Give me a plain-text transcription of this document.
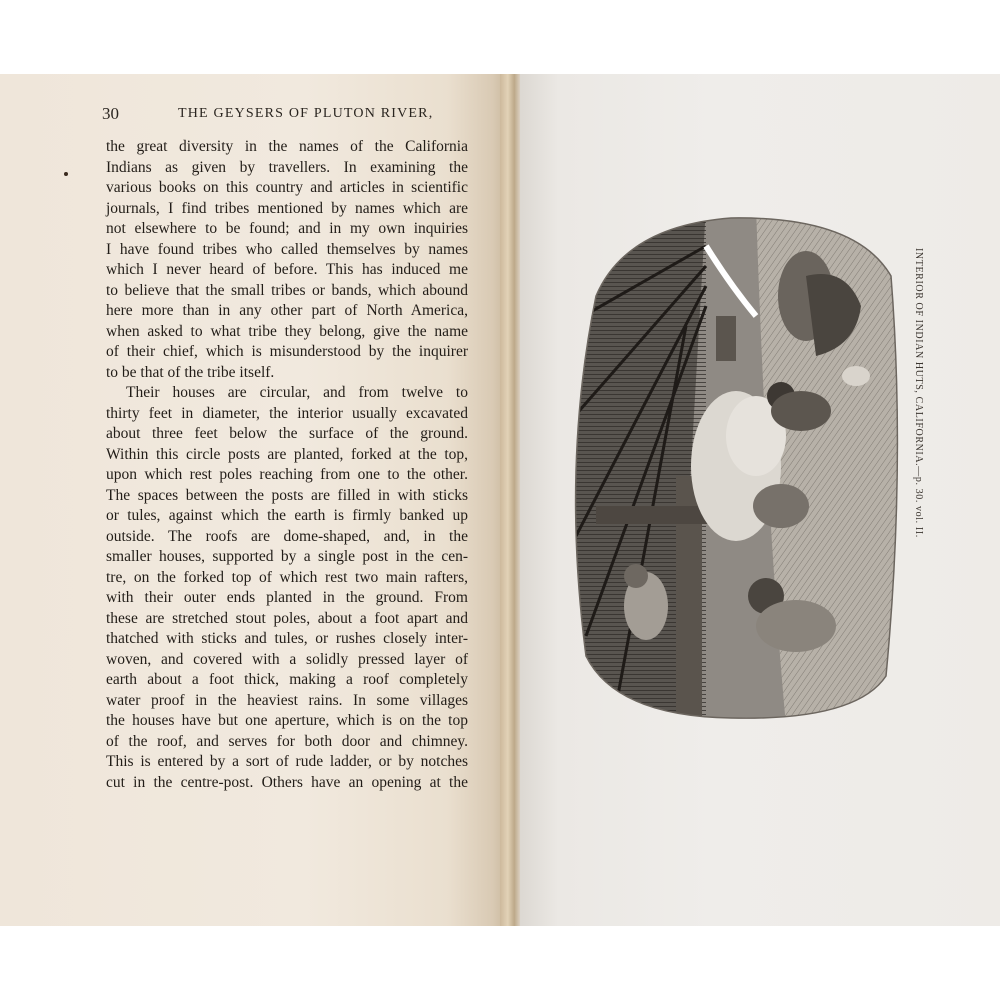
30	THE GEYSERS OF PLUTON RIVER,
the great diversity in the names of the California
Indians as given by travellers. In examining the
various books on this country and articles in scientific
journals, I find tribes mentioned by names which are
not elsewhere to be found; and in my own inquiries
I have found tribes who called themselves by names
which I never heard of before. This has induced me
to believe that the small tribes or bands, which abound
here more than in any other part of North America,
when asked to what tribe they belong, give the name
of their chief, which is misunderstood by the inquirer
to be that of the tribe itself.
Their houses are circular, and from twelve to
thirty feet in diameter, the interior usually excavated
about three feet below the surface of the ground.
Within this circle posts are planted, forked at the top,
upon which rest poles reaching from one to the other.
The spaces between the posts are filled in with sticks
or tules, against which the earth is firmly banked up
outside. The roofs are dome-shaped, and, in the
smaller houses, supported by a single post in the cen-
tre, on the forked top of which rest two main rafters,
with their outer ends planted in the ground. From
these are stretched stout poles, about a foot apart and
thatched with sticks and tules, or rushes closely inter-
woven, and covered with a solidly pressed layer of
earth about a foot thick, making a roof completely
water proof in the heaviest rains. In some villages
the houses have but one aperture, which is on the top
of the roof, and serves for both door and chimney.
This is entered by a sort of rude ladder, or by notches
cut in the centre-post. Others have an opening at the
INTERIOR OF INDIAN HUTS, CALIFORNIA.—p. 30. vol. II.
